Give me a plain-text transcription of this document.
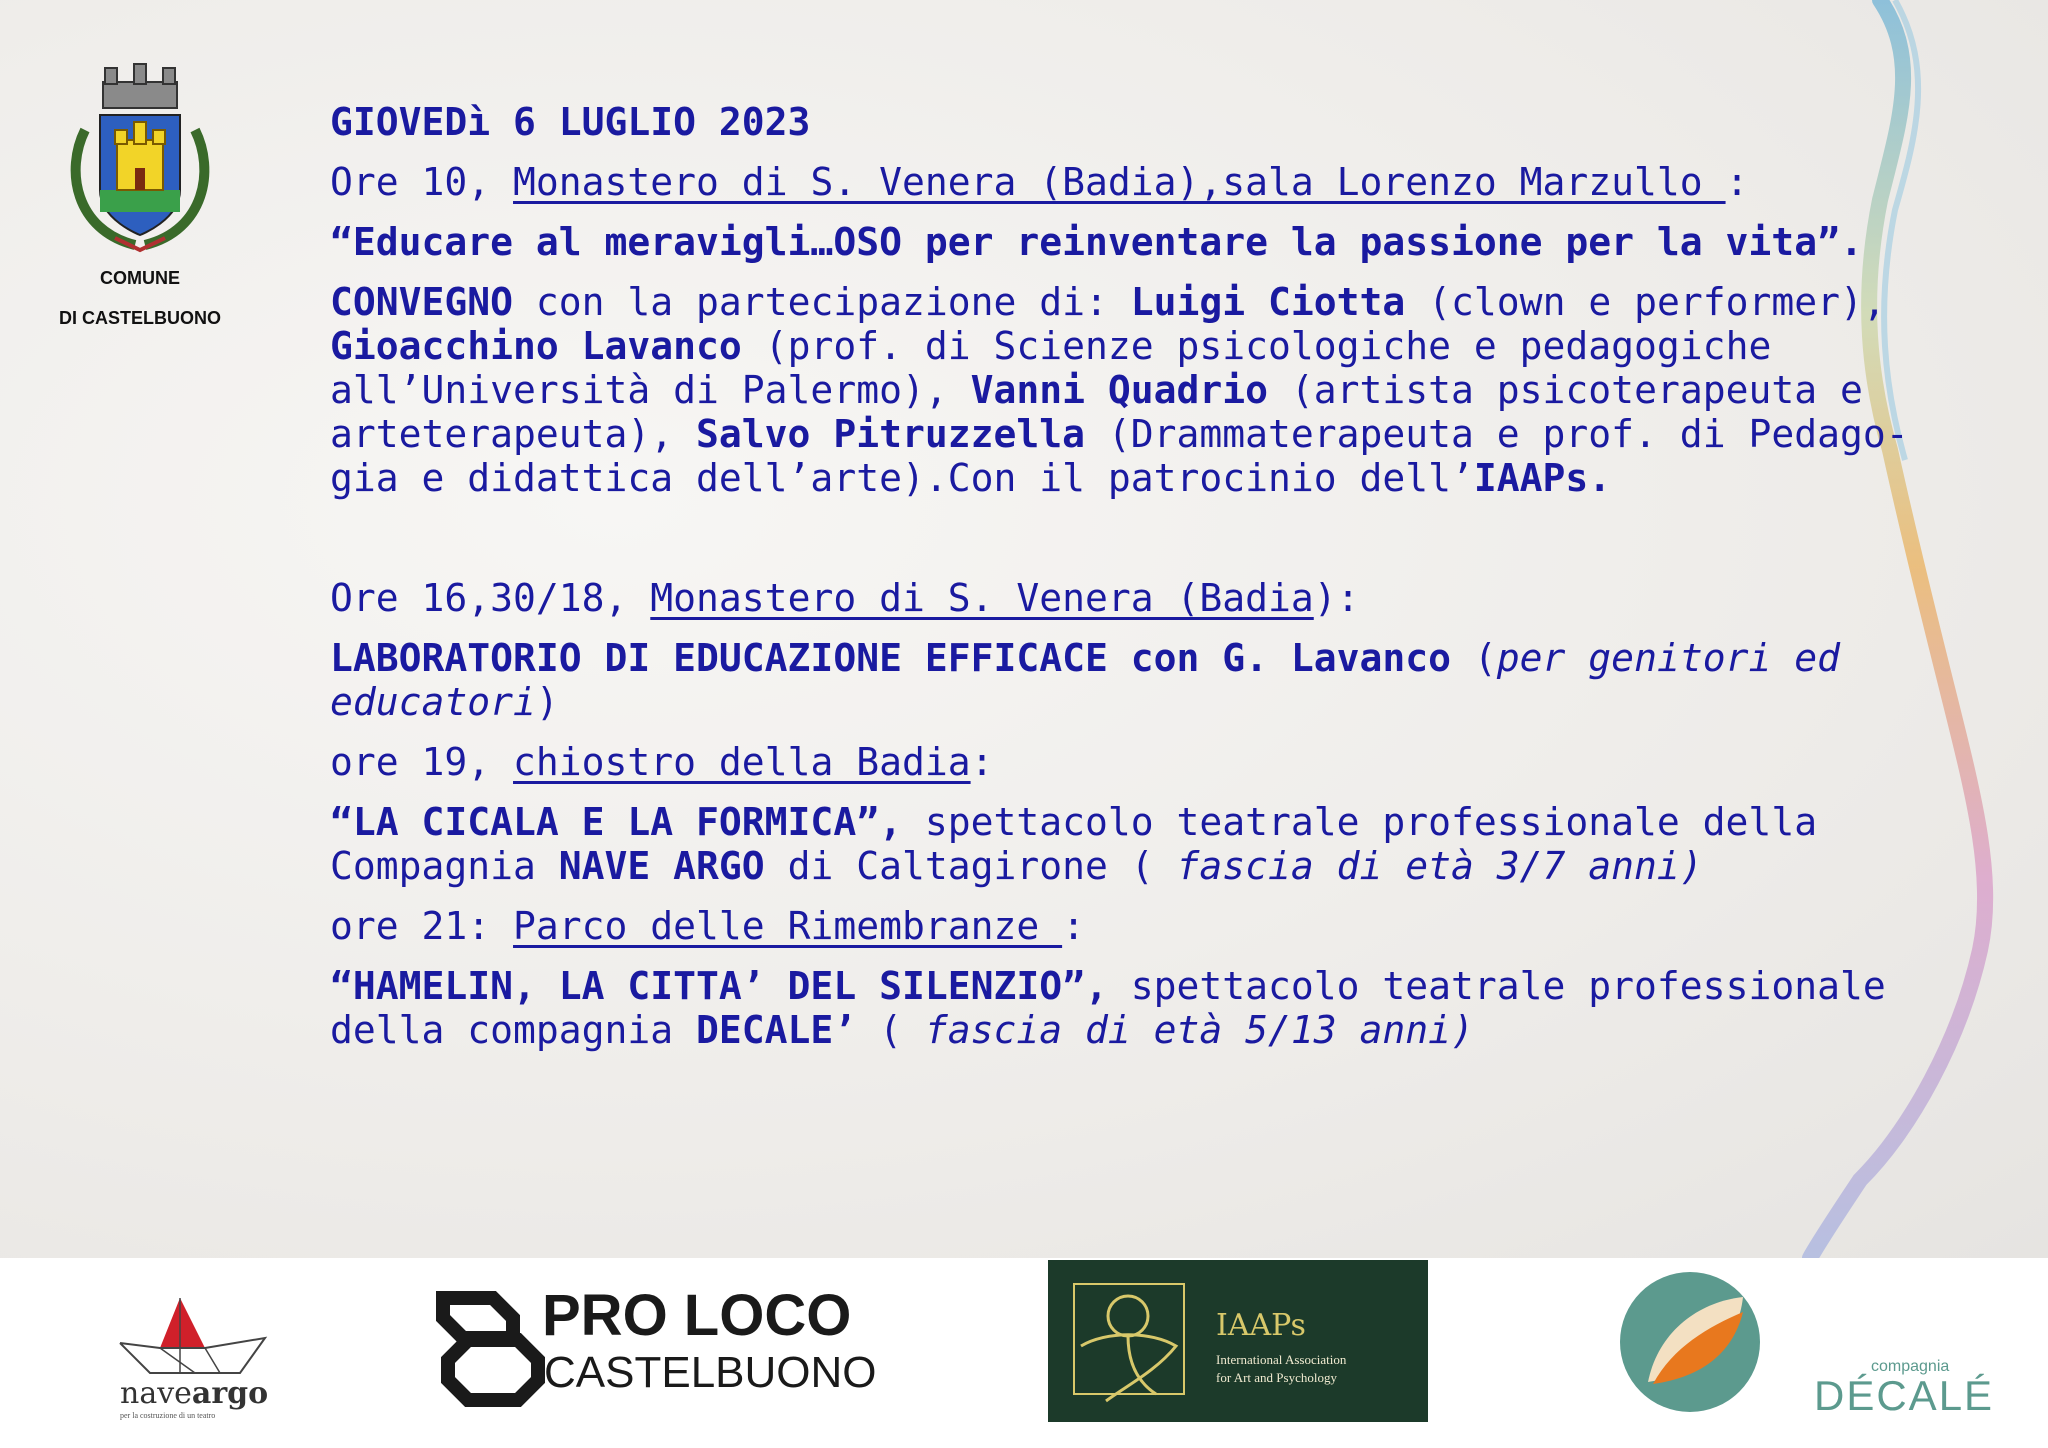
COMUNE
DI CASTELBUONO

GIOVEDì 6 LUGLIO 2023

Ore 10, Monastero di S. Venera (Badia),sala Lorenzo Marzullo :

“Educare al meravigli…OSO per reinventare la passione per la vita”.

CONVEGNO con la partecipazione di: Luigi Ciotta (clown e performer), Gioacchino Lavanco (prof. di Scienze psicologiche e pedagogiche all’Università di Palermo), Vanni Quadrio (artista psicoterapeuta e arteterapeuta), Salvo Pitruzzella (Drammaterapeuta e prof. di Pedago-gia e didattica dell’arte).Con il patrocinio dell’IAAPs.

Ore 16,30/18, Monastero di S. Venera (Badia):

LABORATORIO DI EDUCAZIONE EFFICACE con G. Lavanco (per genitori ed educatori)

ore 19, chiostro della Badia:

“LA CICALA E LA FORMICA”, spettacolo teatrale professionale della Compagnia NAVE ARGO di Caltagirone ( fascia di età 3/7 anni)

ore 21: Parco delle Rimembranze :

“HAMELIN, LA CITTA’ DEL SILENZIO”, spettacolo teatrale professionale della compagnia DECALE’ ( fascia di età 5/13 anni)

naveargo
per la costruzione di un teatro
PRO LOCO
CASTELBUONO
IAAPs
International Association
for Art and Psychology
compagnia
DÉCALÉ
